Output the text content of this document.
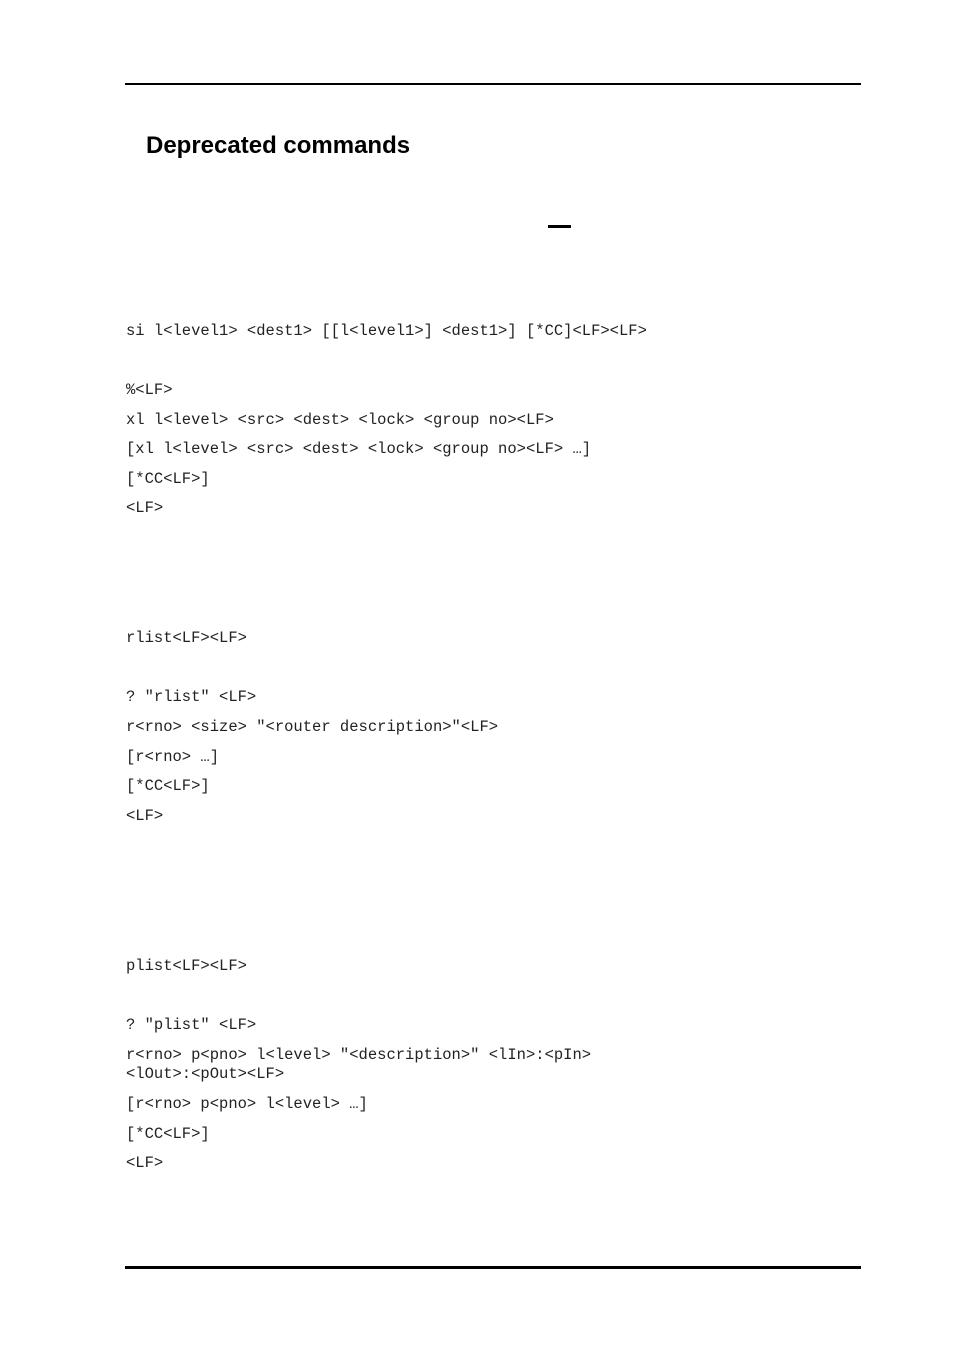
Deprecated commands

si l<level1> <dest1> [[l<level1>] <dest1>] [*CC]<LF><LF>

%<LF>

xl l<level> <src> <dest> <lock> <group no><LF>

[xl l<level> <src> <dest> <lock> <group no><LF> …]

[*CC<LF>]

<LF>

rlist<LF><LF>

? "rlist" <LF>

r<rno> <size> "<router description>"<LF>

[r<rno> …]

[*CC<LF>]

<LF>

plist<LF><LF>

? "plist" <LF>

r<rno> p<pno> l<level> "<description>" <lIn>:<pIn>
<lOut>:<pOut><LF>

[r<rno> p<pno> l<level> …]

[*CC<LF>]

<LF>
